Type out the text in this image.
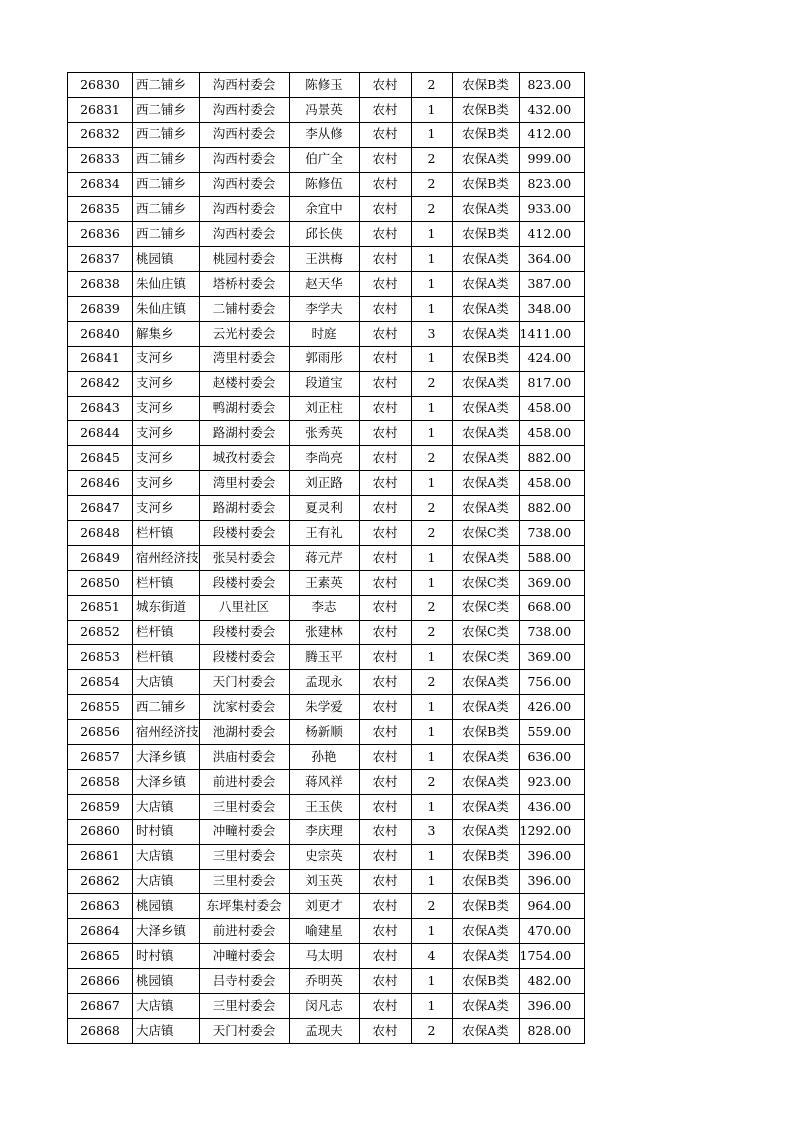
26830	西二铺乡	沟西村委会	陈修玉	农村	2	农保B类	823.00
26831	西二铺乡	沟西村委会	冯景英	农村	1	农保B类	432.00
26832	西二铺乡	沟西村委会	李从修	农村	1	农保B类	412.00
26833	西二铺乡	沟西村委会	伯广全	农村	2	农保A类	999.00
26834	西二铺乡	沟西村委会	陈修伍	农村	2	农保B类	823.00
26835	西二铺乡	沟西村委会	余宜中	农村	2	农保A类	933.00
26836	西二铺乡	沟西村委会	邱长侠	农村	1	农保B类	412.00
26837	桃园镇	桃园村委会	王洪梅	农村	1	农保A类	364.00
26838	朱仙庄镇	塔桥村委会	赵天华	农村	1	农保A类	387.00
26839	朱仙庄镇	二铺村委会	李学夫	农村	1	农保A类	348.00
26840	解集乡	云光村委会	时庭	农村	3	农保A类	1411.00
26841	支河乡	湾里村委会	郭雨彤	农村	1	农保B类	424.00
26842	支河乡	赵楼村委会	段道宝	农村	2	农保A类	817.00
26843	支河乡	鸭湖村委会	刘正柱	农村	1	农保A类	458.00
26844	支河乡	路湖村委会	张秀英	农村	1	农保A类	458.00
26845	支河乡	城孜村委会	李尚亮	农村	2	农保A类	882.00
26846	支河乡	湾里村委会	刘正路	农村	1	农保A类	458.00
26847	支河乡	路湖村委会	夏灵利	农村	2	农保A类	882.00
26848	栏杆镇	段楼村委会	王有礼	农村	2	农保C类	738.00
26849	宿州经济技	张吴村委会	蒋元芹	农村	1	农保A类	588.00
26850	栏杆镇	段楼村委会	王素英	农村	1	农保C类	369.00
26851	城东街道	八里社区	李志	农村	2	农保C类	668.00
26852	栏杆镇	段楼村委会	张建林	农村	2	农保C类	738.00
26853	栏杆镇	段楼村委会	腾玉平	农村	1	农保C类	369.00
26854	大店镇	天门村委会	孟现永	农村	2	农保A类	756.00
26855	西二铺乡	沈家村委会	朱学爱	农村	1	农保A类	426.00
26856	宿州经济技	池湖村委会	杨新顺	农村	1	农保B类	559.00
26857	大泽乡镇	洪庙村委会	孙艳	农村	1	农保A类	636.00
26858	大泽乡镇	前进村委会	蒋风祥	农村	2	农保A类	923.00
26859	大店镇	三里村委会	王玉侠	农村	1	农保A类	436.00
26860	时村镇	冲疃村委会	李庆理	农村	3	农保A类	1292.00
26861	大店镇	三里村委会	史宗英	农村	1	农保B类	396.00
26862	大店镇	三里村委会	刘玉英	农村	1	农保B类	396.00
26863	桃园镇	东坪集村委会	刘更才	农村	2	农保B类	964.00
26864	大泽乡镇	前进村委会	喻建星	农村	1	农保A类	470.00
26865	时村镇	冲疃村委会	马太明	农村	4	农保A类	1754.00
26866	桃园镇	吕寺村委会	乔明英	农村	1	农保B类	482.00
26867	大店镇	三里村委会	闵凡志	农村	1	农保A类	396.00
26868	大店镇	天门村委会	孟现夫	农村	2	农保A类	828.00
